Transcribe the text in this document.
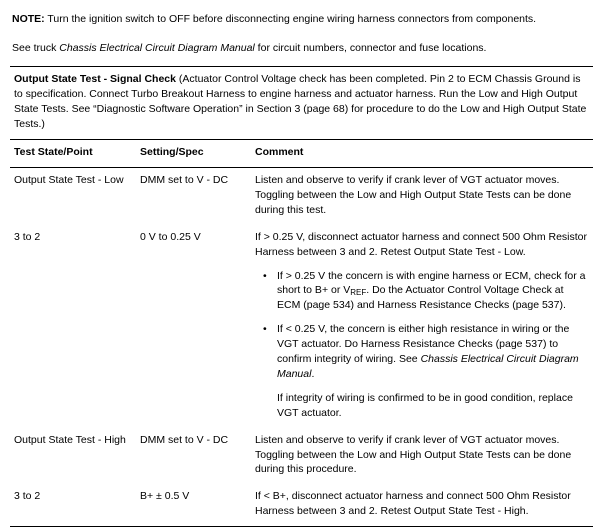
NOTE: Turn the ignition switch to OFF before disconnecting engine wiring harness connectors from components.

See truck Chassis Electrical Circuit Diagram Manual for circuit numbers, connector and fuse locations.

Output State Test - Signal Check (Actuator Control Voltage check has been completed. Pin 2 to ECM Chassis Ground is to specification. Connect Turbo Breakout Harness to engine harness and actuator harness. Run the Low and High Output State Tests. See “Diagnostic Software Operation” in Section 3 (page 68) for procedure to do the Low and High Output State Tests.)		
Test State/Point	Setting/Spec	Comment
Output State Test - Low	DMM set to V - DC	Listen and observe to verify if crank lever of VGT actuator moves. Toggling between the Low and High Output State Tests can be done during this test.
3 to 2	0 V to 0.25 V	If > 0.25 V, disconnect actuator harness and connect 500 Ohm Resistor Harness between 3 and 2. Retest Output State Test - Low.
• If > 0.25 V the concern is with engine harness or ECM, check for a short to B+ or $V_{REF}$. Do the Actuator Control Voltage Check at ECM (page 534) and Harness Resistance Checks (page 537).
• If < 0.25 V, the concern is either high resistance in wiring or the VGT actuator. Do Harness Resistance Checks (page 537) to confirm integrity of wiring. See Chassis Electrical Circuit Diagram Manual.
If integrity of wiring is confirmed to be in good condition, replace VGT actuator.

Output State Test - High	DMM set to V - DC	Listen and observe to verify if crank lever of VGT actuator moves. Toggling between the Low and High Output State Tests can be done during this procedure.
3 to 2	B+ ± 0.5 V	If < B+, disconnect actuator harness and connect 500 Ohm Resistor Harness between 3 and 2. Retest Output State Test - High.
